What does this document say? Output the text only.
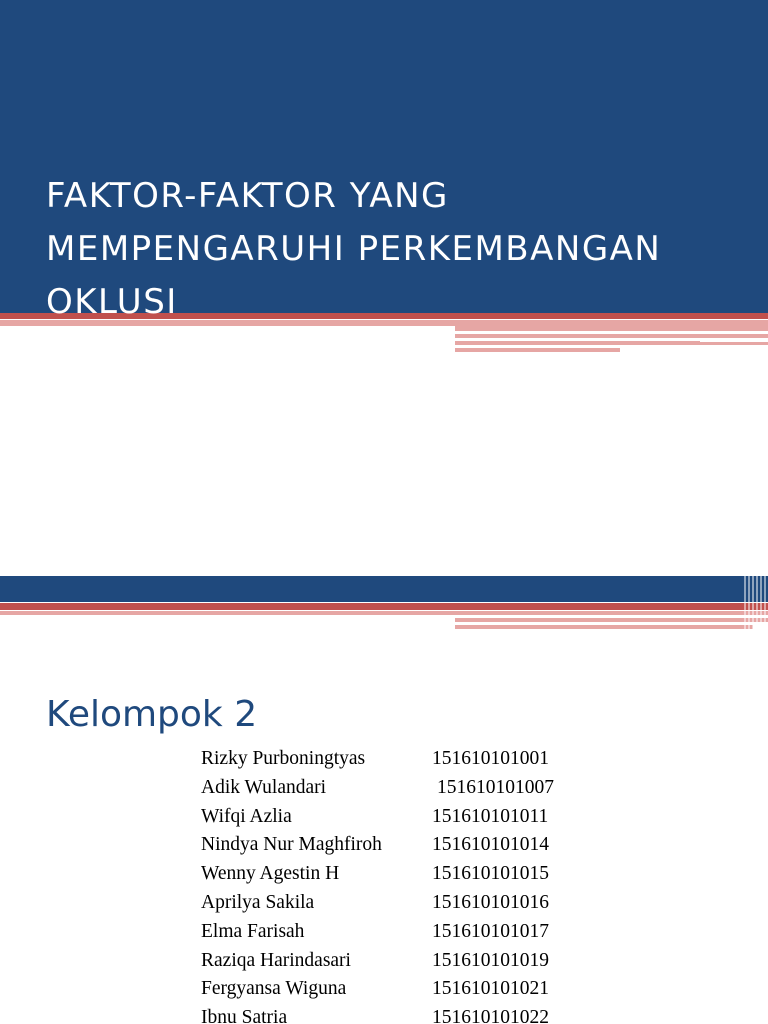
FAKTOR-FAKTOR YANG
MEMPENGARUHI PERKEMBANGAN
OKLUSI
Kelompok 2
Rizky Purboningtyas	151610101001
Adik Wulandari	151610101007
Wifqi Azlia	151610101011
Nindya Nur Maghfiroh	151610101014
Wenny Agestin H	151610101015
Aprilya Sakila	151610101016
Elma Farisah	151610101017
Raziqa Harindasari	151610101019
Fergyansa Wiguna	151610101021
Ibnu Satria	151610101022
